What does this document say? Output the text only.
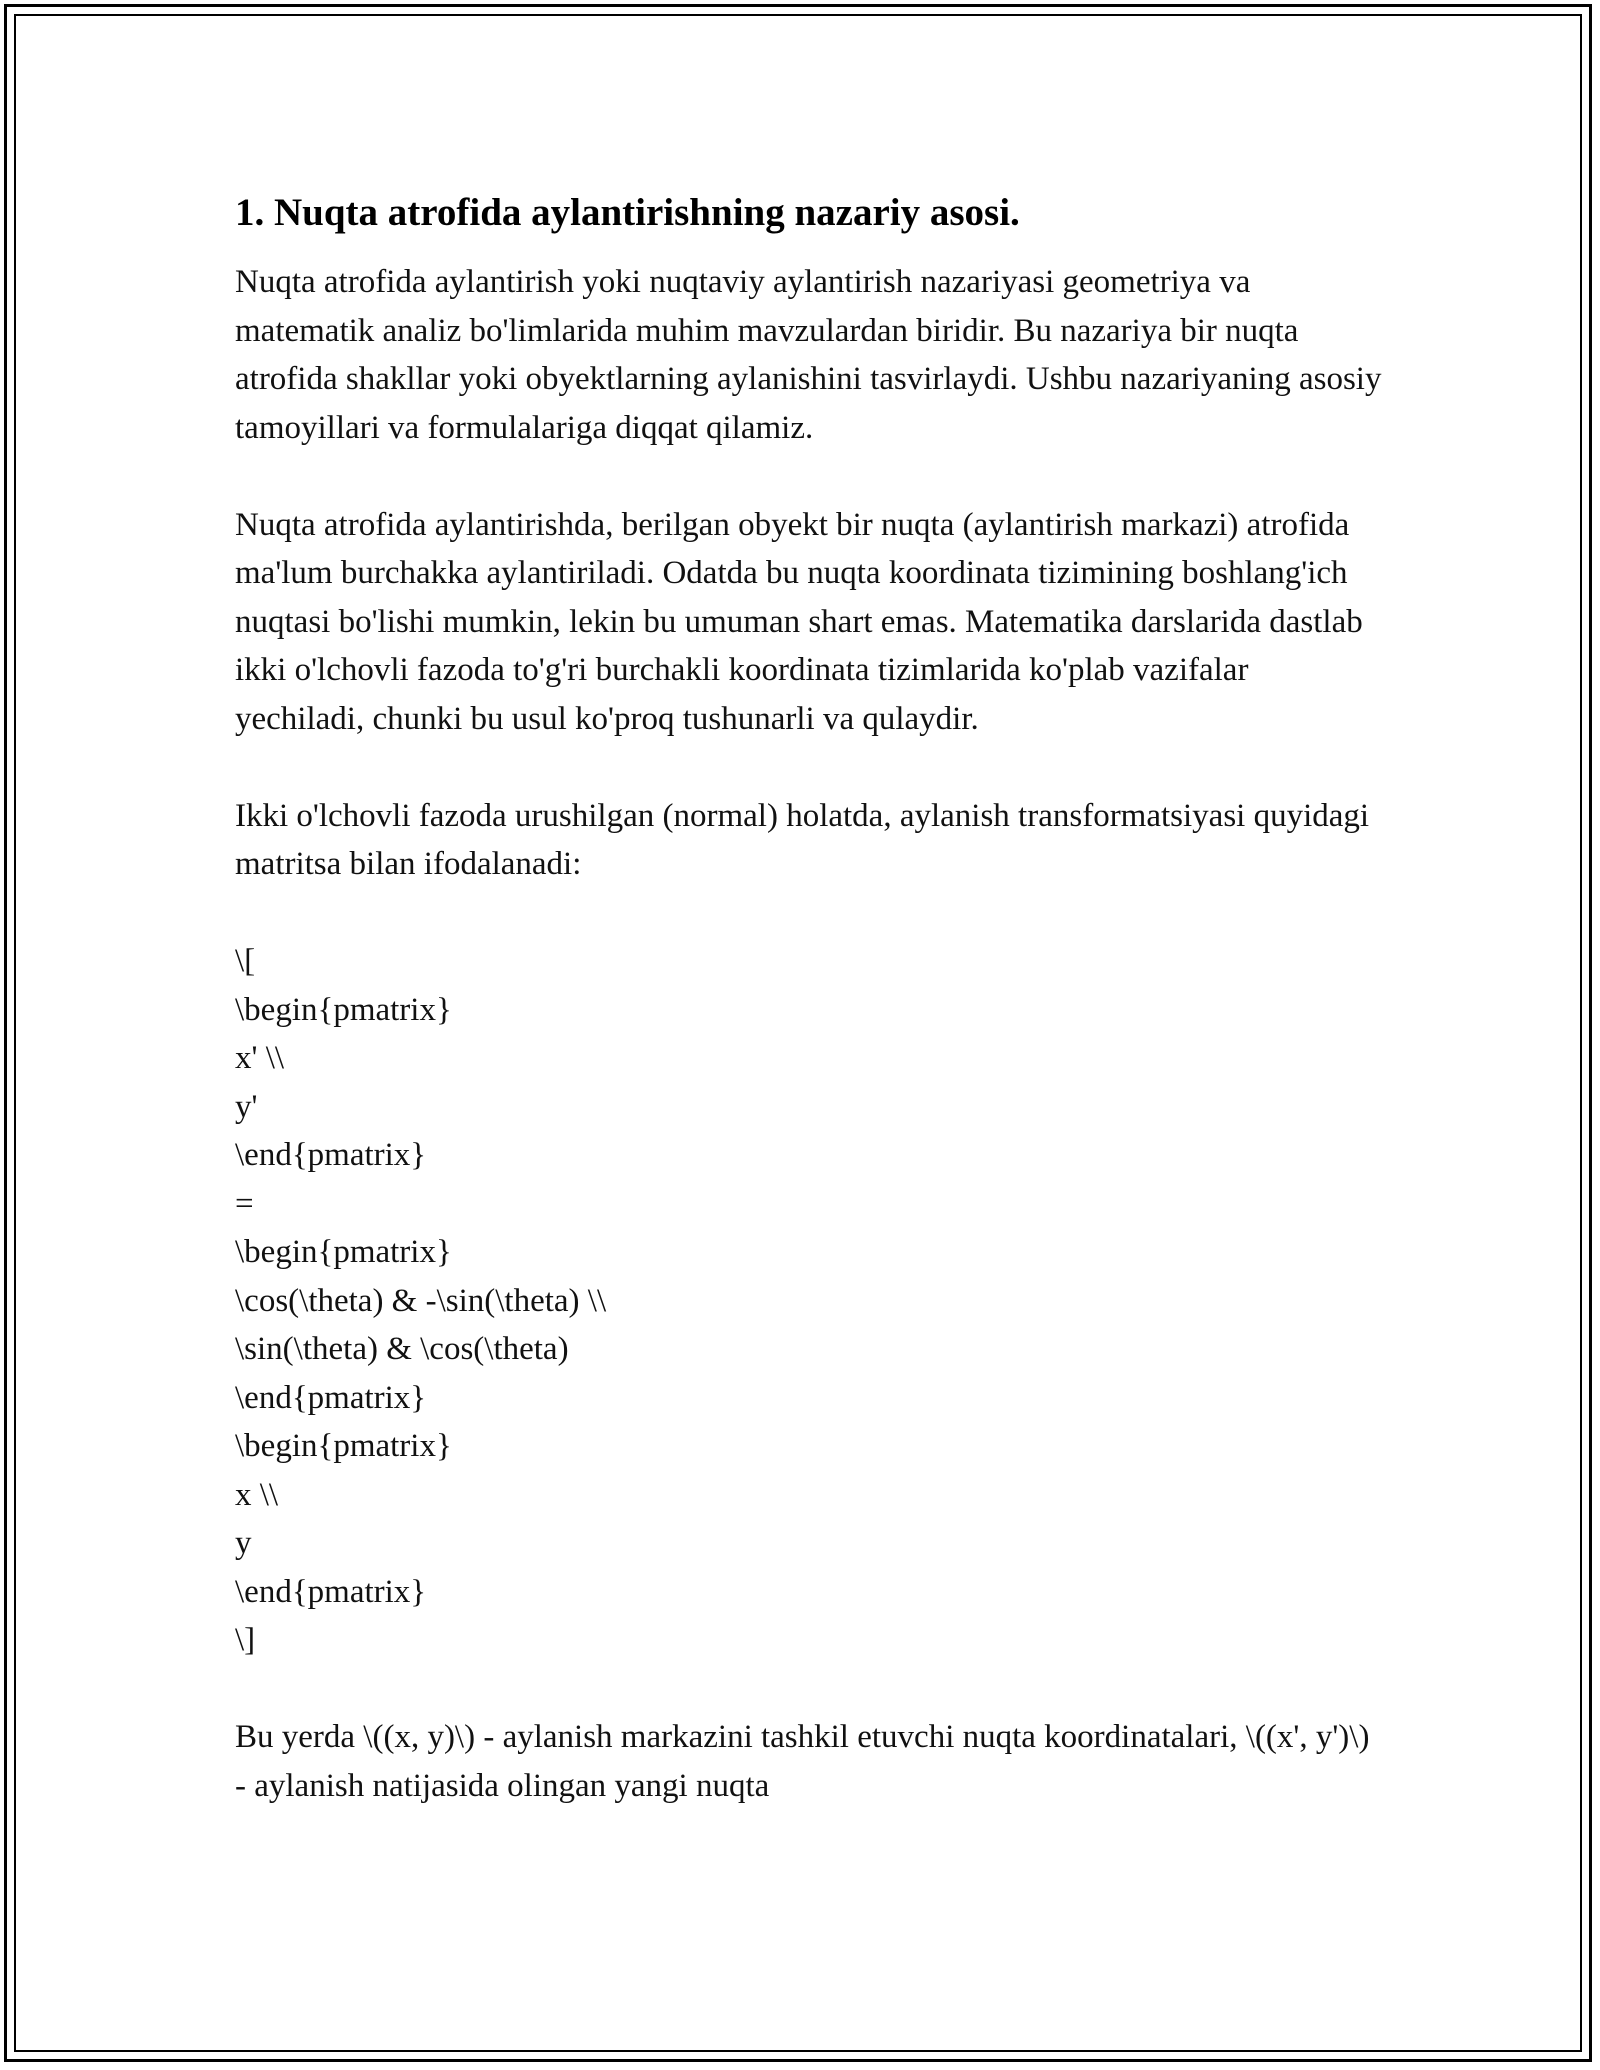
1. Nuqta atrofida aylantirishning nazariy asosi.

Nuqta atrofida aylantirish yoki nuqtaviy aylantirish nazariyasi geometriya va matematik analiz bo'limlarida muhim mavzulardan biridir. Bu nazariya bir nuqta atrofida shakllar yoki obyektlarning aylanishini tasvirlaydi. Ushbu nazariyaning asosiy tamoyillari va formulalariga diqqat qilamiz.

Nuqta atrofida aylantirishda, berilgan obyekt bir nuqta (aylantirish markazi) atrofida ma'lum burchakka aylantiriladi. Odatda bu nuqta koordinata tizimining boshlang'ich nuqtasi bo'lishi mumkin, lekin bu umuman shart emas. Matematika darslarida dastlab ikki o'lchovli fazoda to'g'ri burchakli koordinata tizimlarida ko'plab vazifalar yechiladi, chunki bu usul ko'proq tushunarli va qulaydir.

Ikki o'lchovli fazoda urushilgan (normal) holatda, aylanish transformatsiyasi quyidagi matritsa bilan ifodalanadi:

\[

\begin{pmatrix}

x' \\

y'

\end{pmatrix}

=

\begin{pmatrix}

\cos(\theta) & -\sin(\theta) \\

\sin(\theta) & \cos(\theta)

\end{pmatrix}

\begin{pmatrix}

x \\

y

\end{pmatrix}

\]

Bu yerda \((x, y)\) - aylanish markazini tashkil etuvchi nuqta koordinatalari, \((x', y')\) - aylanish natijasida olingan yangi nuqta
